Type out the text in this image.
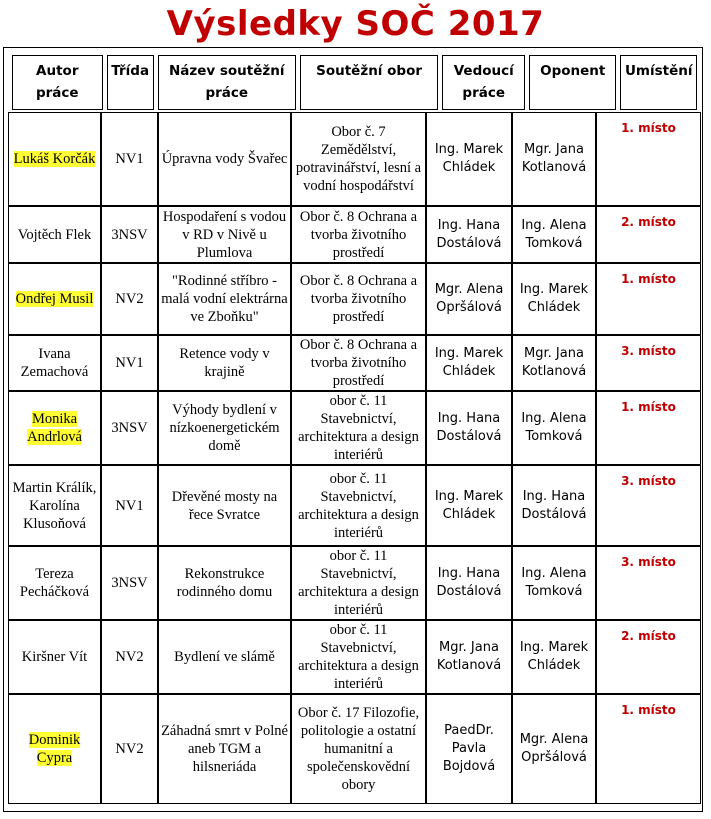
Výsledky SOČ 2017
Autor práce	Třída	Název soutěžní práce	Soutěžní obor	Vedoucí práce	Oponent	Umístění
Lukáš Korčák	NV1	Úpravna vody Švařec	Obor č. 7 Zemědělství, potravinářství, lesní a vodní hospodářství	Ing. Marek Chládek	Mgr. Jana Kotlanová	1. místo
Vojtěch Flek	3NSV	Hospodaření s vodou v RD v Nivě u Plumlova	Obor č. 8 Ochrana a tvorba životního prostředí	Ing. Hana Dostálová	Ing. Alena Tomková	2. místo
Ondřej Musil	NV2	"Rodinné stříbro - malá vodní elektrárna ve Zboňku"	Obor č. 8 Ochrana a tvorba životního prostředí	Mgr. Alena Opršálová	Ing. Marek Chládek	1. místo
Ivana Zemachová	NV1	Retence vody v krajině	Obor č. 8 Ochrana a tvorba životního prostředí	Ing. Marek Chládek	Mgr. Jana Kotlanová	3. místo
Monika Andrlová	3NSV	Výhody bydlení v nízkoenergetickém domě	obor č. 11 Stavebnictví, architektura a design interiérů	Ing. Hana Dostálová	Ing. Alena Tomková	1. místo
Martin Králík, Karolína Klusoňová	NV1	Dřevěné mosty na řece Svratce	obor č. 11 Stavebnictví, architektura a design interiérů	Ing. Marek Chládek	Ing. Hana Dostálová	3. místo
Tereza Pecháčková	3NSV	Rekonstrukce rodinného domu	obor č. 11 Stavebnictví, architektura a design interiérů	Ing. Hana Dostálová	Ing. Alena Tomková	3. místo
Kiršner Vít	NV2	Bydlení ve slámě	obor č. 11 Stavebnictví, architektura a design interiérů	Mgr. Jana Kotlanová	Ing. Marek Chládek	2. místo
Dominik Cypra	NV2	Záhadná smrt v Polné aneb TGM a hilsneriáda	Obor č. 17 Filozofie, politologie a ostatní humanitní a společenskovědní obory	PaedDr. Pavla Bojdová	Mgr. Alena Opršálová	1. místo
